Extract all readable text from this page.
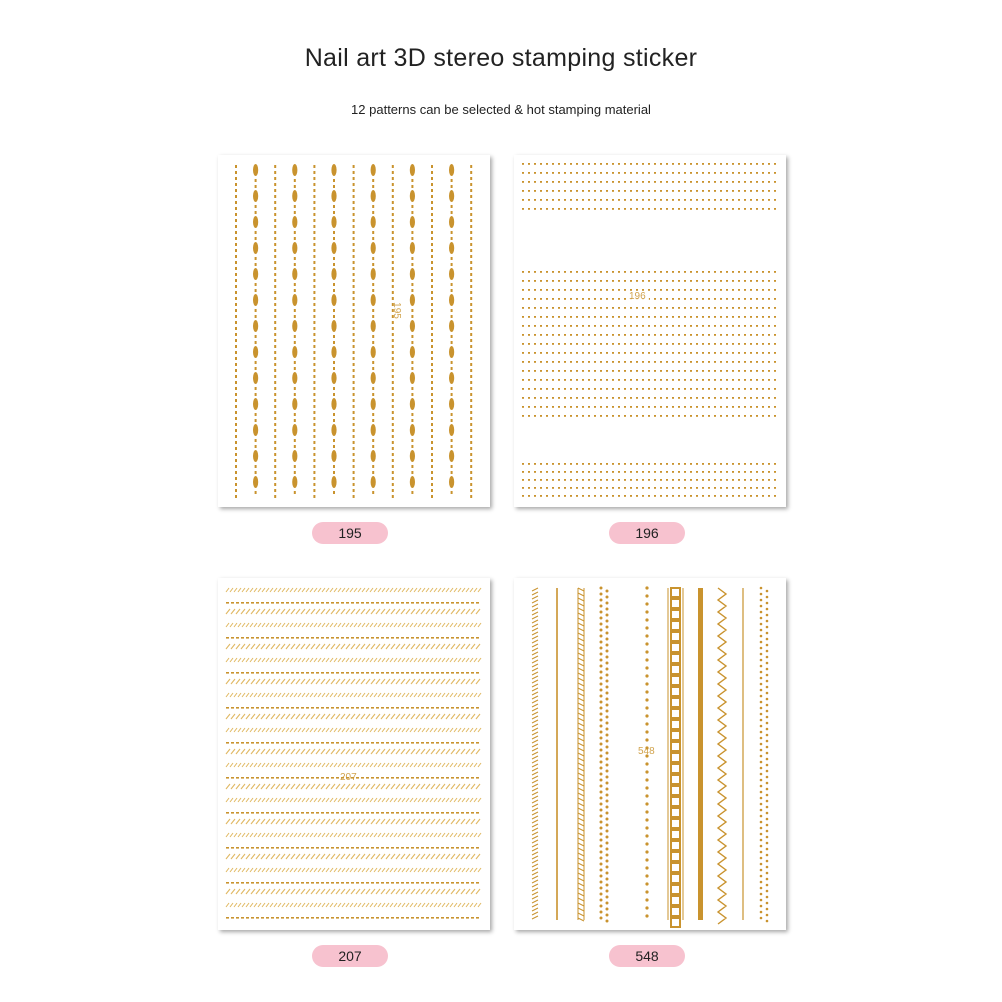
Nail art 3D stereo stamping sticker
12 patterns can be selected & hot stamping material
195
195
196
196
207
207
548
548
